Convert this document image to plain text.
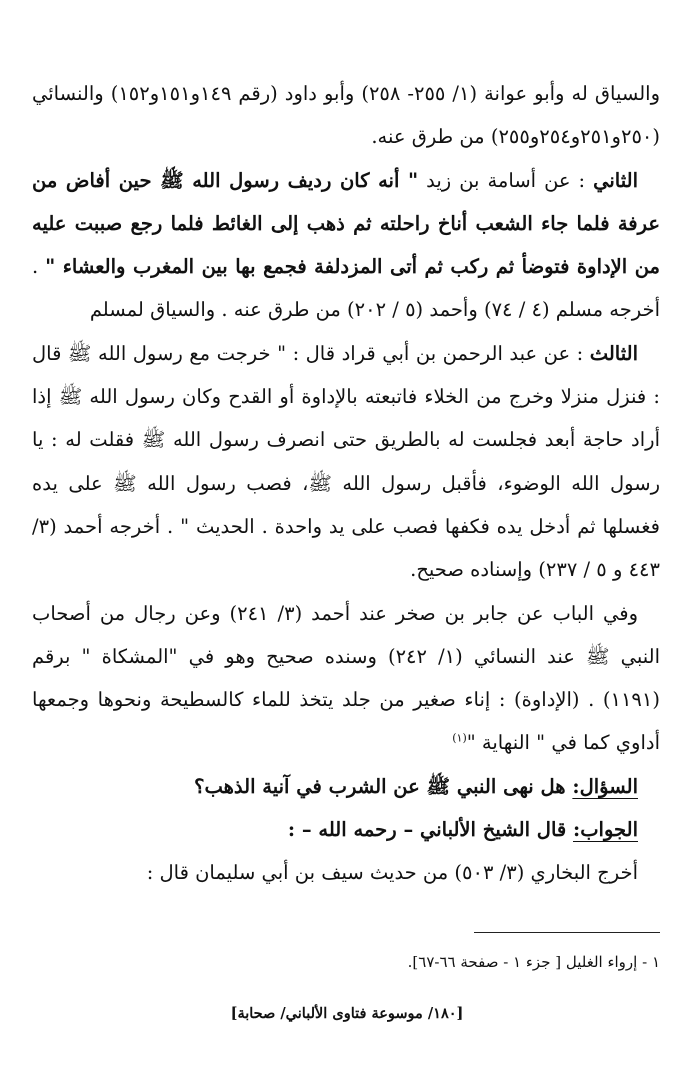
والسياق له وأبو عوانة (١/ ٢٥٥- ٢٥٨) وأبو داود (رقم ١٤٩و١٥١و١٥٢) والنسائي (٢٥٠و٢٥١و٢٥٤و٢٥٥) من طرق عنه.

الثاني : عن أسامة بن زيد " أنه كان رديف رسول الله ﷺ حين أفاض من عرفة فلما جاء الشعب أناخ راحلته ثم ذهب إلى الغائط فلما رجع صببت عليه من الإداوة فتوضأ ثم ركب ثم أتى المزدلفة فجمع بها بين المغرب والعشاء " . أخرجه مسلم (٤ / ٧٤) وأحمد (٥ / ٢٠٢) من طرق عنه . والسياق لمسلم

الثالث : عن عبد الرحمن بن أبي قراد قال : " خرجت مع رسول الله ﷺ قال : فنزل منزلا وخرج من الخلاء فاتبعته بالإداوة أو القدح وكان رسول الله ﷺ إذا أراد حاجة أبعد فجلست له بالطريق حتى انصرف رسول الله ﷺ فقلت له : يا رسول الله الوضوء، فأقبل رسول الله ﷺ، فصب رسول الله ﷺ على يده فغسلها ثم أدخل يده فكفها فصب على يد واحدة . الحديث " . أخرجه أحمد (٣/ ٤٤٣ و ٥ / ٢٣٧) وإسناده صحيح.

وفي الباب عن جابر بن صخر عند أحمد (٣/ ٢٤١) وعن رجال من أصحاب النبي ﷺ عند النسائي (١/ ٢٤٢) وسنده صحيح وهو في "المشكاة " برقم (١١٩١) . (الإداوة) : إناء صغير من جلد يتخذ للماء كالسطيحة ونحوها وجمعها أداوي كما في " النهاية "$^{(١)}$

السؤال: هل نهى النبي ﷺ عن الشرب في آنية الذهب؟

الجواب: قال الشيخ الألباني – رحمه الله – :

أخرج البخاري (٣/ ٥٠٣) من حديث سيف بن أبي سليمان قال :

١ - إرواء الغليل [ جزء ١ - صفحة ٦٦-٦٧].
[١٨٠/ موسوعة فتاوى الألباني/ صحابة]
